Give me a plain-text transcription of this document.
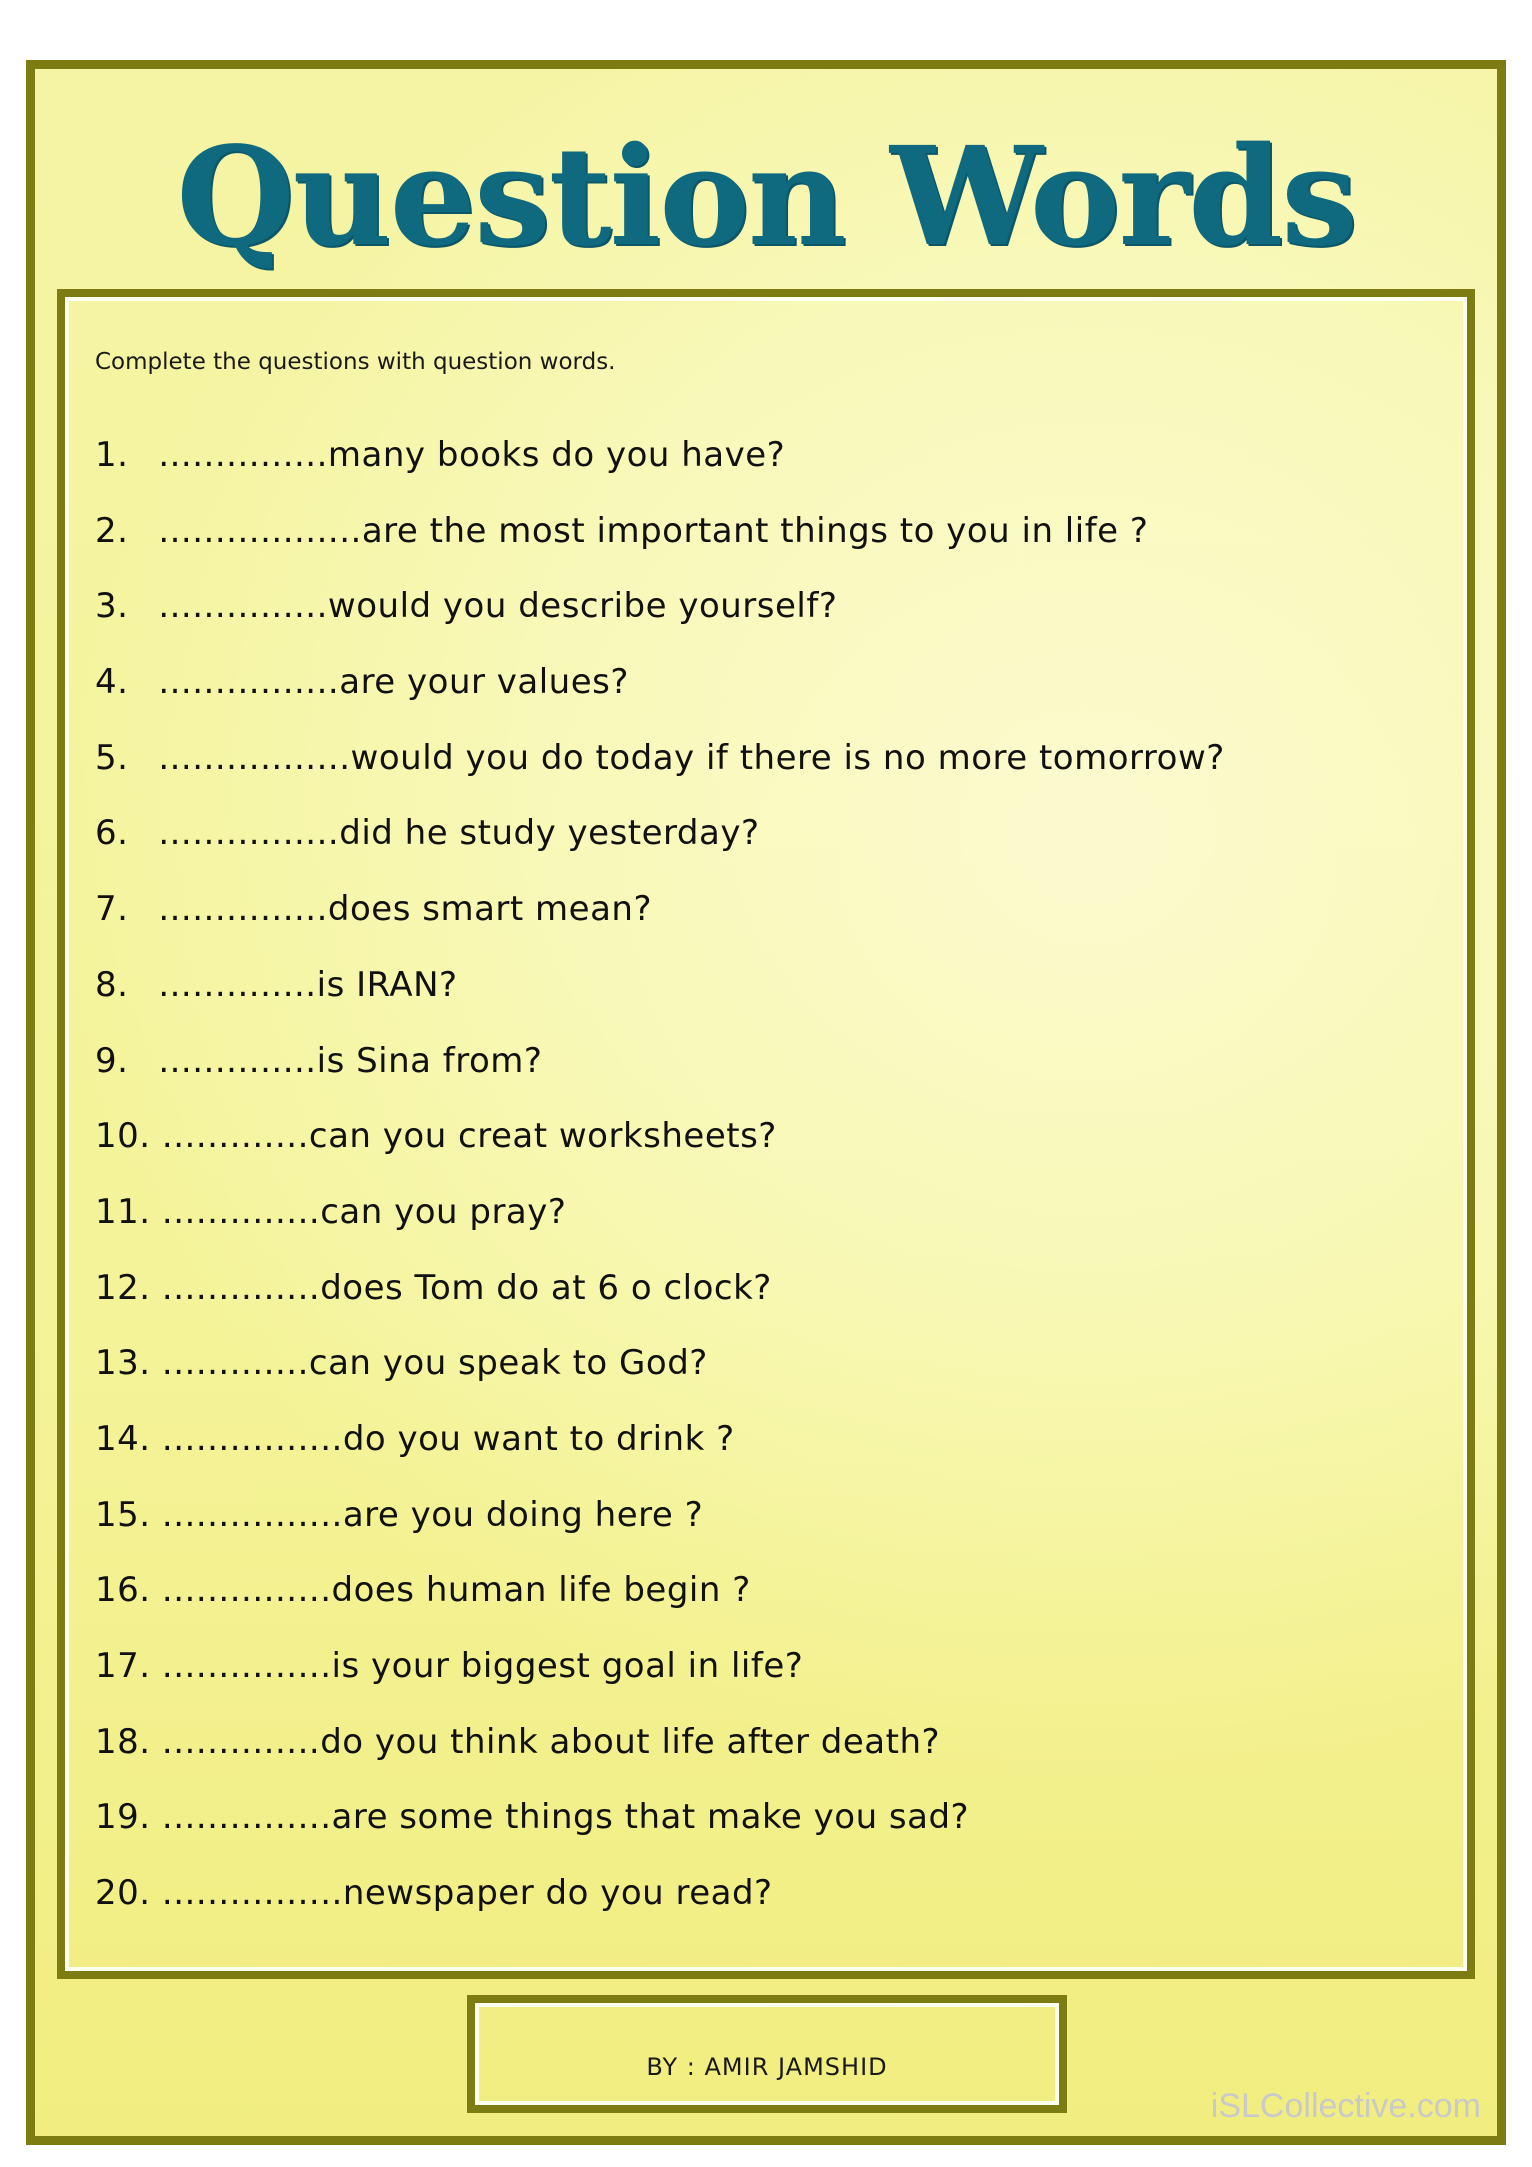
Question Words
Complete the questions with question words.
1. ...............many books do you have?
2. ..................are the most important things to you in life ?
3. ...............would you describe yourself?
4. ................are your values?
5. .................would you do today if there is no more tomorrow?
6. ................did he study yesterday?
7. ...............does smart mean?
8. ..............is IRAN?
9. ..............is Sina from?
10. .............can you creat worksheets?
11. ..............can you pray?
12. ..............does Tom do at 6 o clock?
13. .............can you speak to God?
14. ................do you want to drink ?
15. ................are you doing here ?
16. ...............does human life begin ?
17. ...............is your biggest goal in life?
18. ..............do you think about life after death?
19. ...............are some things that make you sad?
20. ................newspaper do you read?
BY : AMIR JAMSHID
iSLCollective.com
